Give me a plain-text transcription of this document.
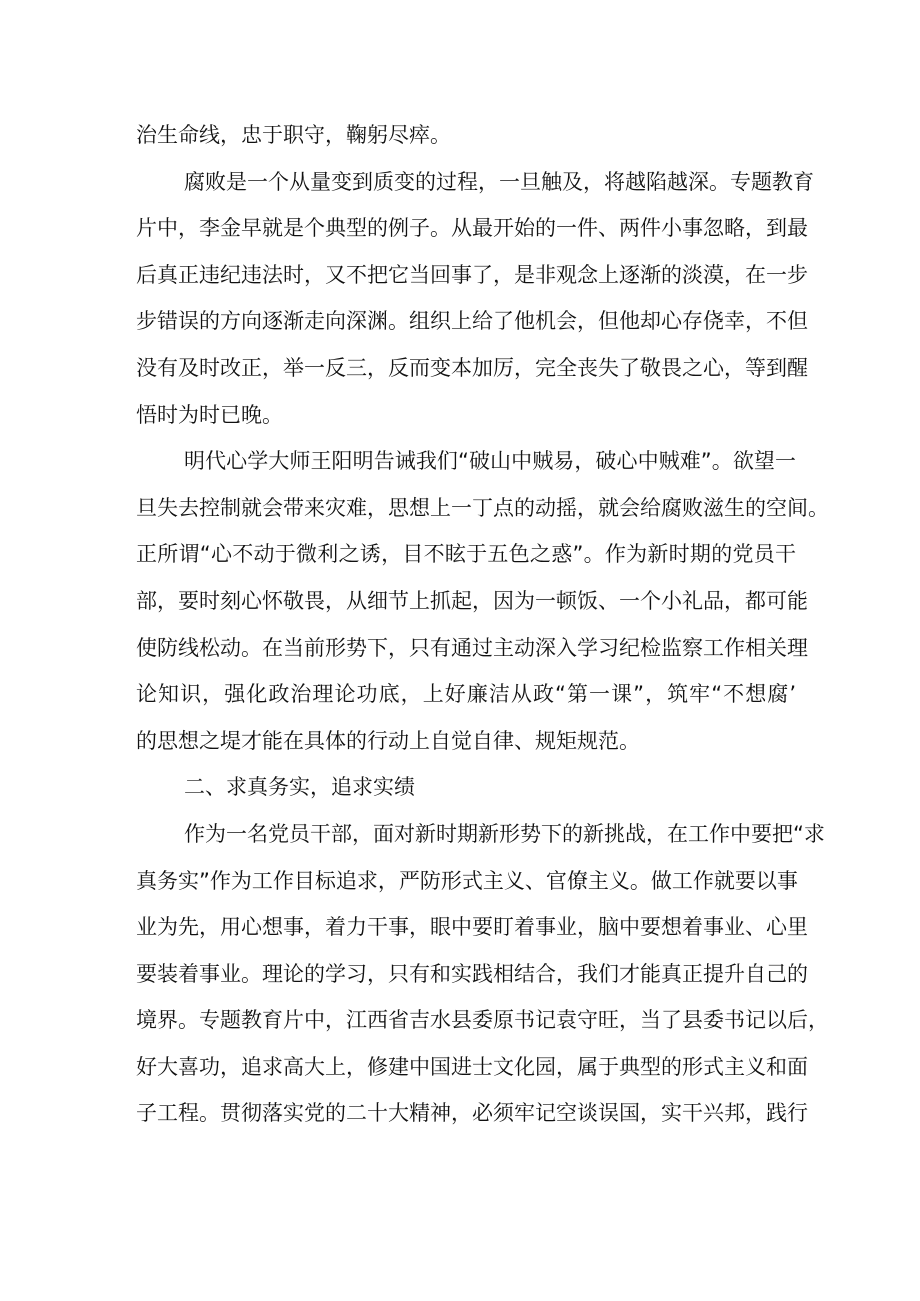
治生命线，忠于职守，鞠躬尽瘁。
腐败是一个从量变到质变的过程，一旦触及，将越陷越深。专题教育
片中，李金早就是个典型的例子。从最开始的一件、两件小事忽略，到最
后真正违纪违法时，又不把它当回事了，是非观念上逐渐的淡漠，在一步
步错误的方向逐渐走向深渊。组织上给了他机会，但他却心存侥幸，不但
没有及时改正，举一反三，反而变本加厉，完全丧失了敬畏之心，等到醒
悟时为时已晚。
明代心学大师王阳明告诫我们“破山中贼易，破心中贼难”。欲望一
旦失去控制就会带来灾难，思想上一丁点的动摇，就会给腐败滋生的空间。
正所谓“心不动于微利之诱，目不眩于五色之惑”。作为新时期的党员干
部，要时刻心怀敬畏，从细节上抓起，因为一顿饭、一个小礼品，都可能
使防线松动。在当前形势下，只有通过主动深入学习纪检监察工作相关理
论知识，强化政治理论功底，上好廉洁从政“第一课”，筑牢“不想腐’
的思想之堤才能在具体的行动上自觉自律、规矩规范。
二、求真务实，追求实绩
作为一名党员干部，面对新时期新形势下的新挑战，在工作中要把“求
真务实”作为工作目标追求，严防形式主义、官僚主义。做工作就要以事
业为先，用心想事，着力干事，眼中要盯着事业，脑中要想着事业、心里
要装着事业。理论的学习，只有和实践相结合，我们才能真正提升自己的
境界。专题教育片中，江西省吉水县委原书记袁守旺，当了县委书记以后，
好大喜功，追求高大上，修建中国进士文化园，属于典型的形式主义和面
子工程。贯彻落实党的二十大精神，必须牢记空谈误国，实干兴邦，践行
